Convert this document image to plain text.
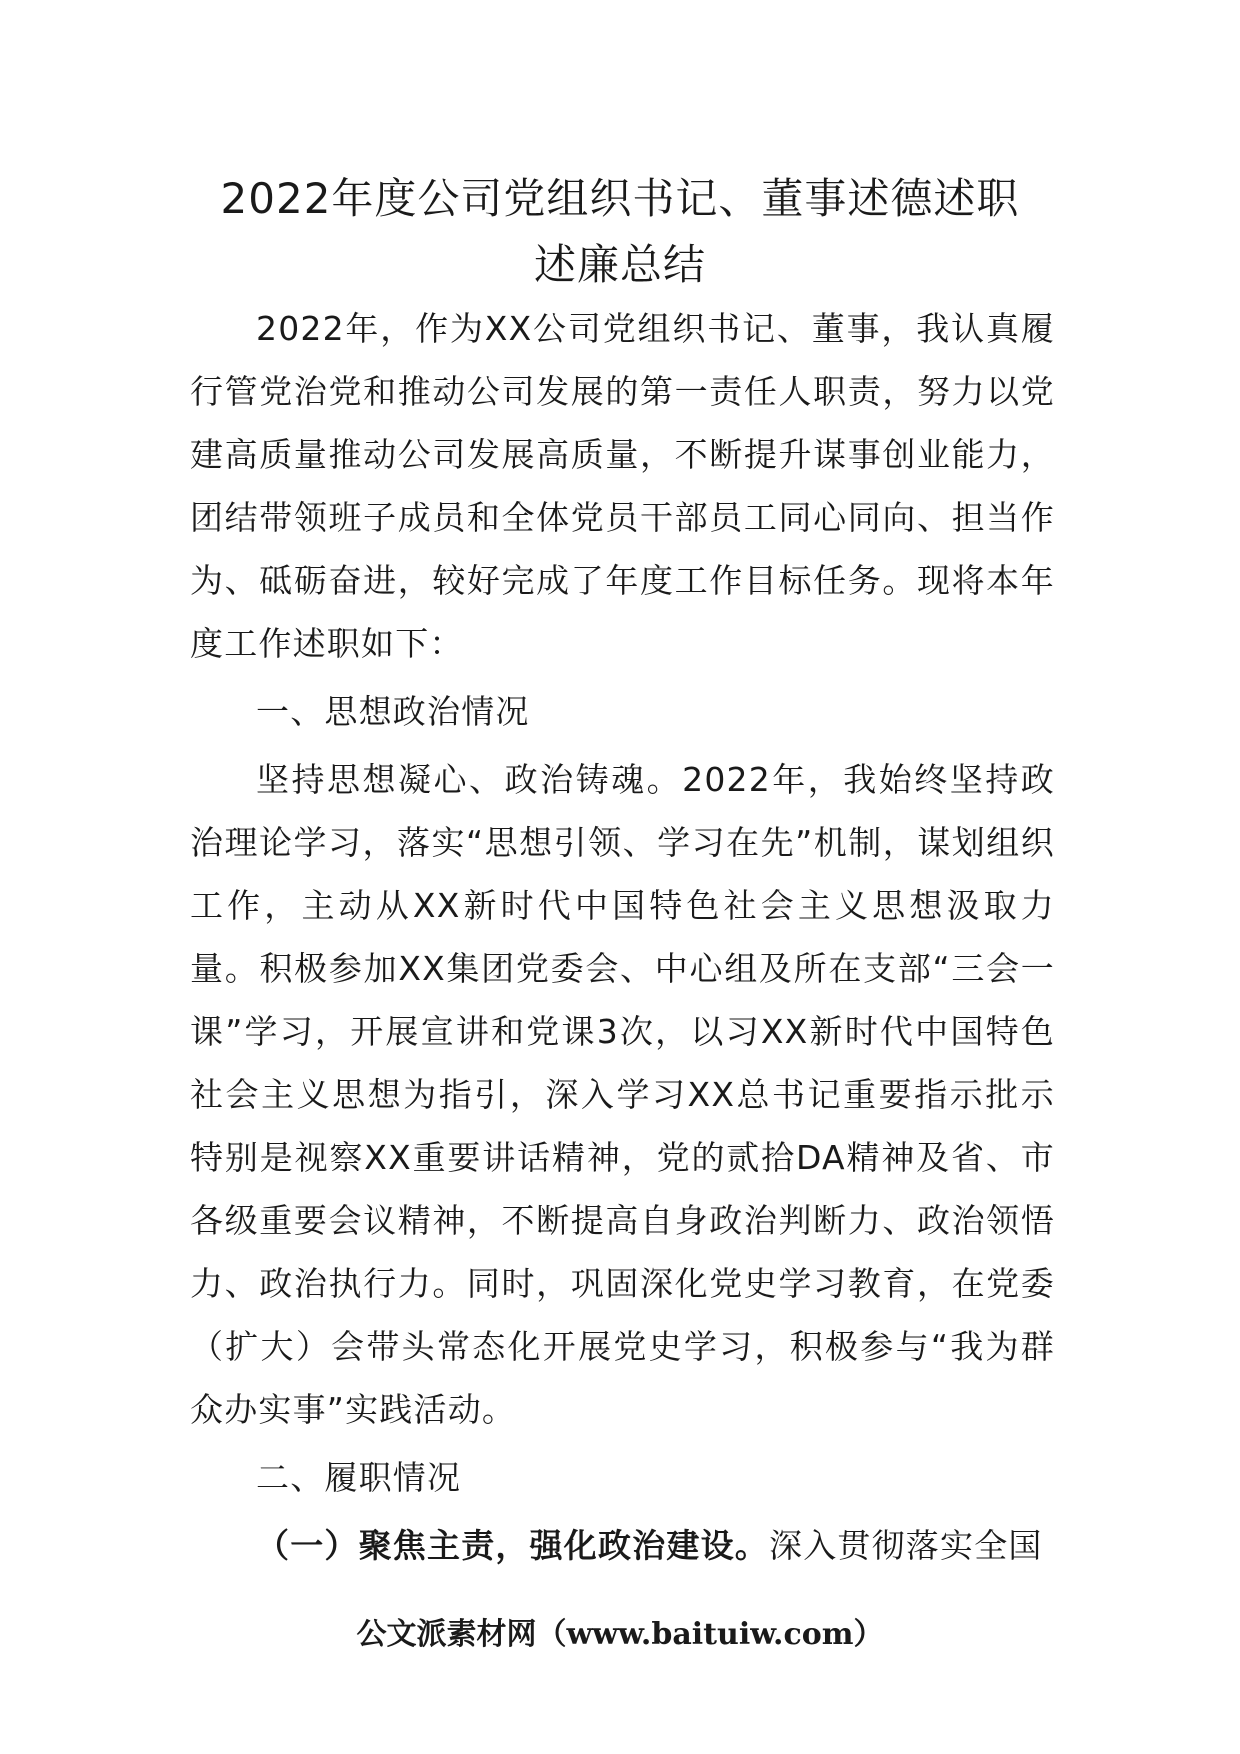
2022年度公司党组织书记、董事述德述职
述廉总结

2022年，作为XX公司党组织书记、董事，我认真履行管党治党和推动公司发展的第一责任人职责，努力以党建高质量推动公司发展高质量，不断提升谋事创业能力，团结带领班子成员和全体党员干部员工同心同向、担当作为、砥砺奋进，较好完成了年度工作目标任务。现将本年度工作述职如下：

一、思想政治情况

坚持思想凝心、政治铸魂。2022年，我始终坚持政治理论学习，落实“思想引领、学习在先”机制，谋划组织工作，主动从XX新时代中国特色社会主义思想汲取力量。积极参加XX集团党委会、中心组及所在支部“三会一课”学习，开展宣讲和党课3次，以习XX新时代中国特色社会主义思想为指引，深入学习XX总书记重要指示批示特别是视察XX重要讲话精神，党的贰拾DA精神及省、市各级重要会议精神，不断提高自身政治判断力、政治领悟力、政治执行力。同时，巩固深化党史学习教育，在党委（扩大）会带头常态化开展党史学习，积极参与“我为群众办实事”实践活动。

二、履职情况

（一）聚焦主责，强化政治建设。深入贯彻落实全国

公文派素材网（www.baituiw.com）
